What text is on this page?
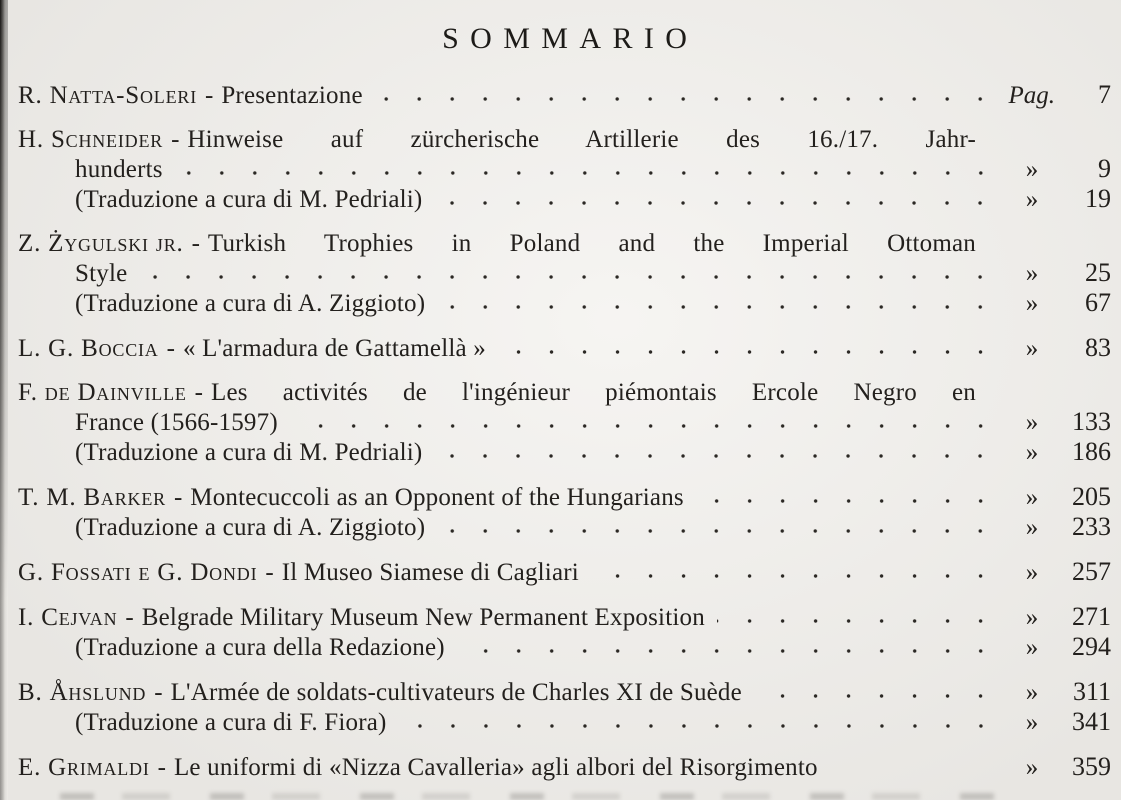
SOMMARIO
R. Natta-Soleri - Presentazione	Pag.	7
H. Schneider - Hinweise auf zürcherische Artillerie des 16./17. Jahr-
hunderts	»	9
(Traduzione a cura di M. Pedriali)	»	19
Z. Żygulski jr. - Turkish Trophies in Poland and the Imperial Ottoman
Style	»	25
(Traduzione a cura di A. Ziggioto)	»	67
L. G. Boccia - « L'armadura de Gattamellà »	»	83
F. de Dainville - Les activités de l'ingénieur piémontais Ercole Negro en
France (1566-1597)	»	133
(Traduzione a cura di M. Pedriali)	»	186
T. M. Barker - Montecuccoli as an Opponent of the Hungarians	»	205
(Traduzione a cura di A. Ziggioto)	»	233
G. Fossati e G. Dondi - Il Museo Siamese di Cagliari	»	257
I. Cejvan - Belgrade Military Museum New Permanent Exposition	»	271
(Traduzione a cura della Redazione)	»	294
B. Åhslund - L'Armée de soldats-cultivateurs de Charles XI de Suède	»	311
(Traduzione a cura di F. Fiora)	»	341
E. Grimaldi - Le uniformi di «Nizza Cavalleria» agli albori del Risorgimento	»	359
